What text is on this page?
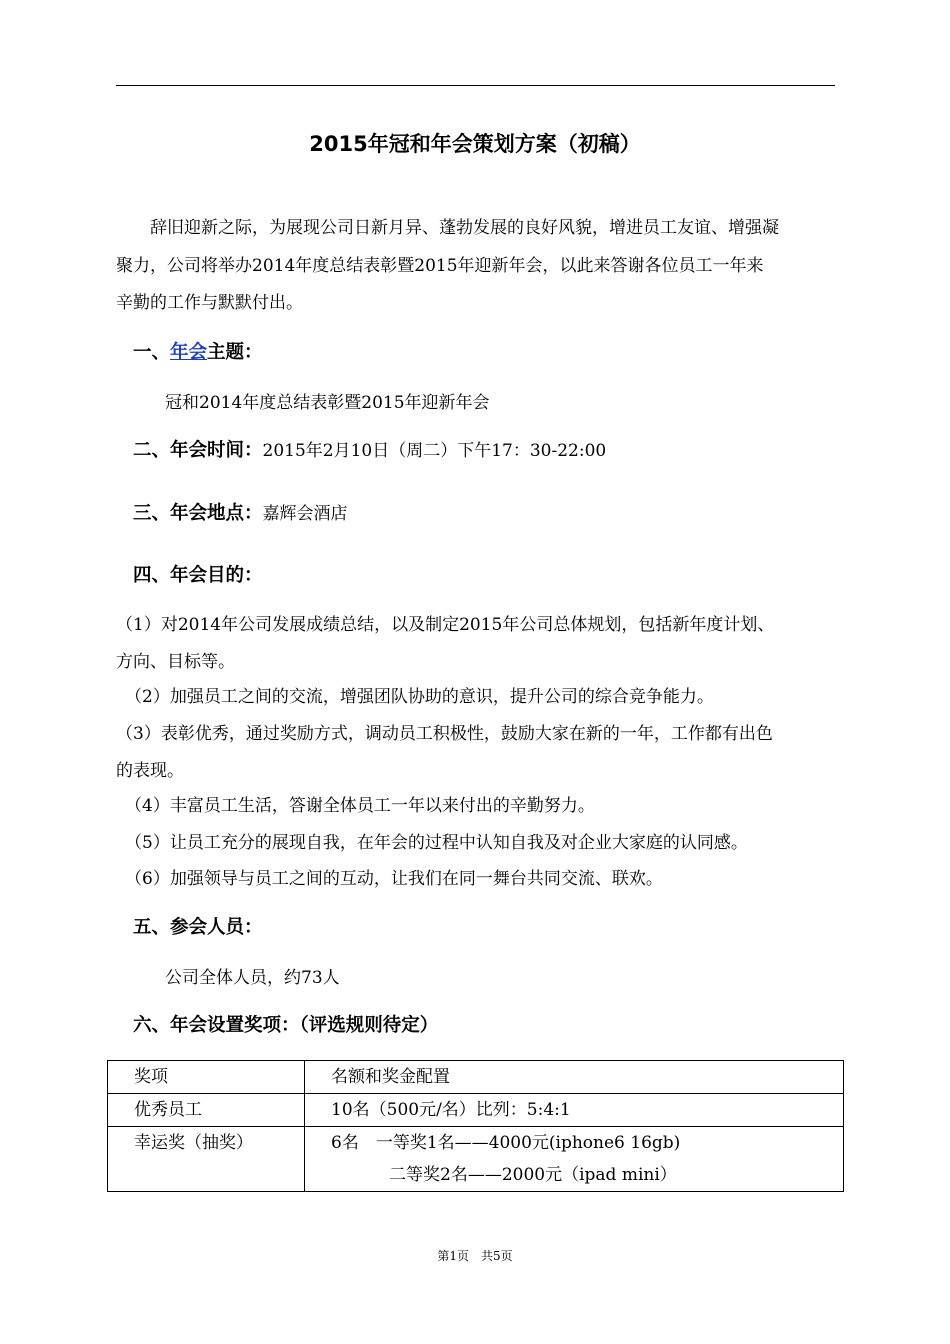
2015年冠和年会策划方案（初稿）
辞旧迎新之际，为展现公司日新月异、蓬勃发展的良好风貌，增进员工友谊、增强凝
聚力，公司将举办2014年度总结表彰暨2015年迎新年会，以此来答谢各位员工一年来
辛勤的工作与默默付出。
一、年会主题：
冠和2014年度总结表彰暨2015年迎新年会
二、年会时间：2015年2月10日（周二）下午17：30-22:00
三、年会地点：嘉辉会酒店
四、年会目的：
（1）对2014年公司发展成绩总结，以及制定2015年公司总体规划，包括新年度计划、
方向、目标等。
（2）加强员工之间的交流，增强团队协助的意识，提升公司的综合竞争能力。
（3）表彰优秀，通过奖励方式，调动员工积极性，鼓励大家在新的一年，工作都有出色
的表现。
（4）丰富员工生活，答谢全体员工一年以来付出的辛勤努力。
（5）让员工充分的展现自我，在年会的过程中认知自我及对企业大家庭的认同感。
（6）加强领导与员工之间的互动，让我们在同一舞台共同交流、联欢。
五、参会人员：
公司全体人员，约73人
六、年会设置奖项：（评选规则待定）
奖项	名额和奖金配置
优秀员工	10名（500元/名）比列：5:4:1
幸运奖（抽奖）	6名　一等奖1名——4000元(iphone6 16gb)
二等奖2名——2000元（ipad mini）
第1页　共5页
